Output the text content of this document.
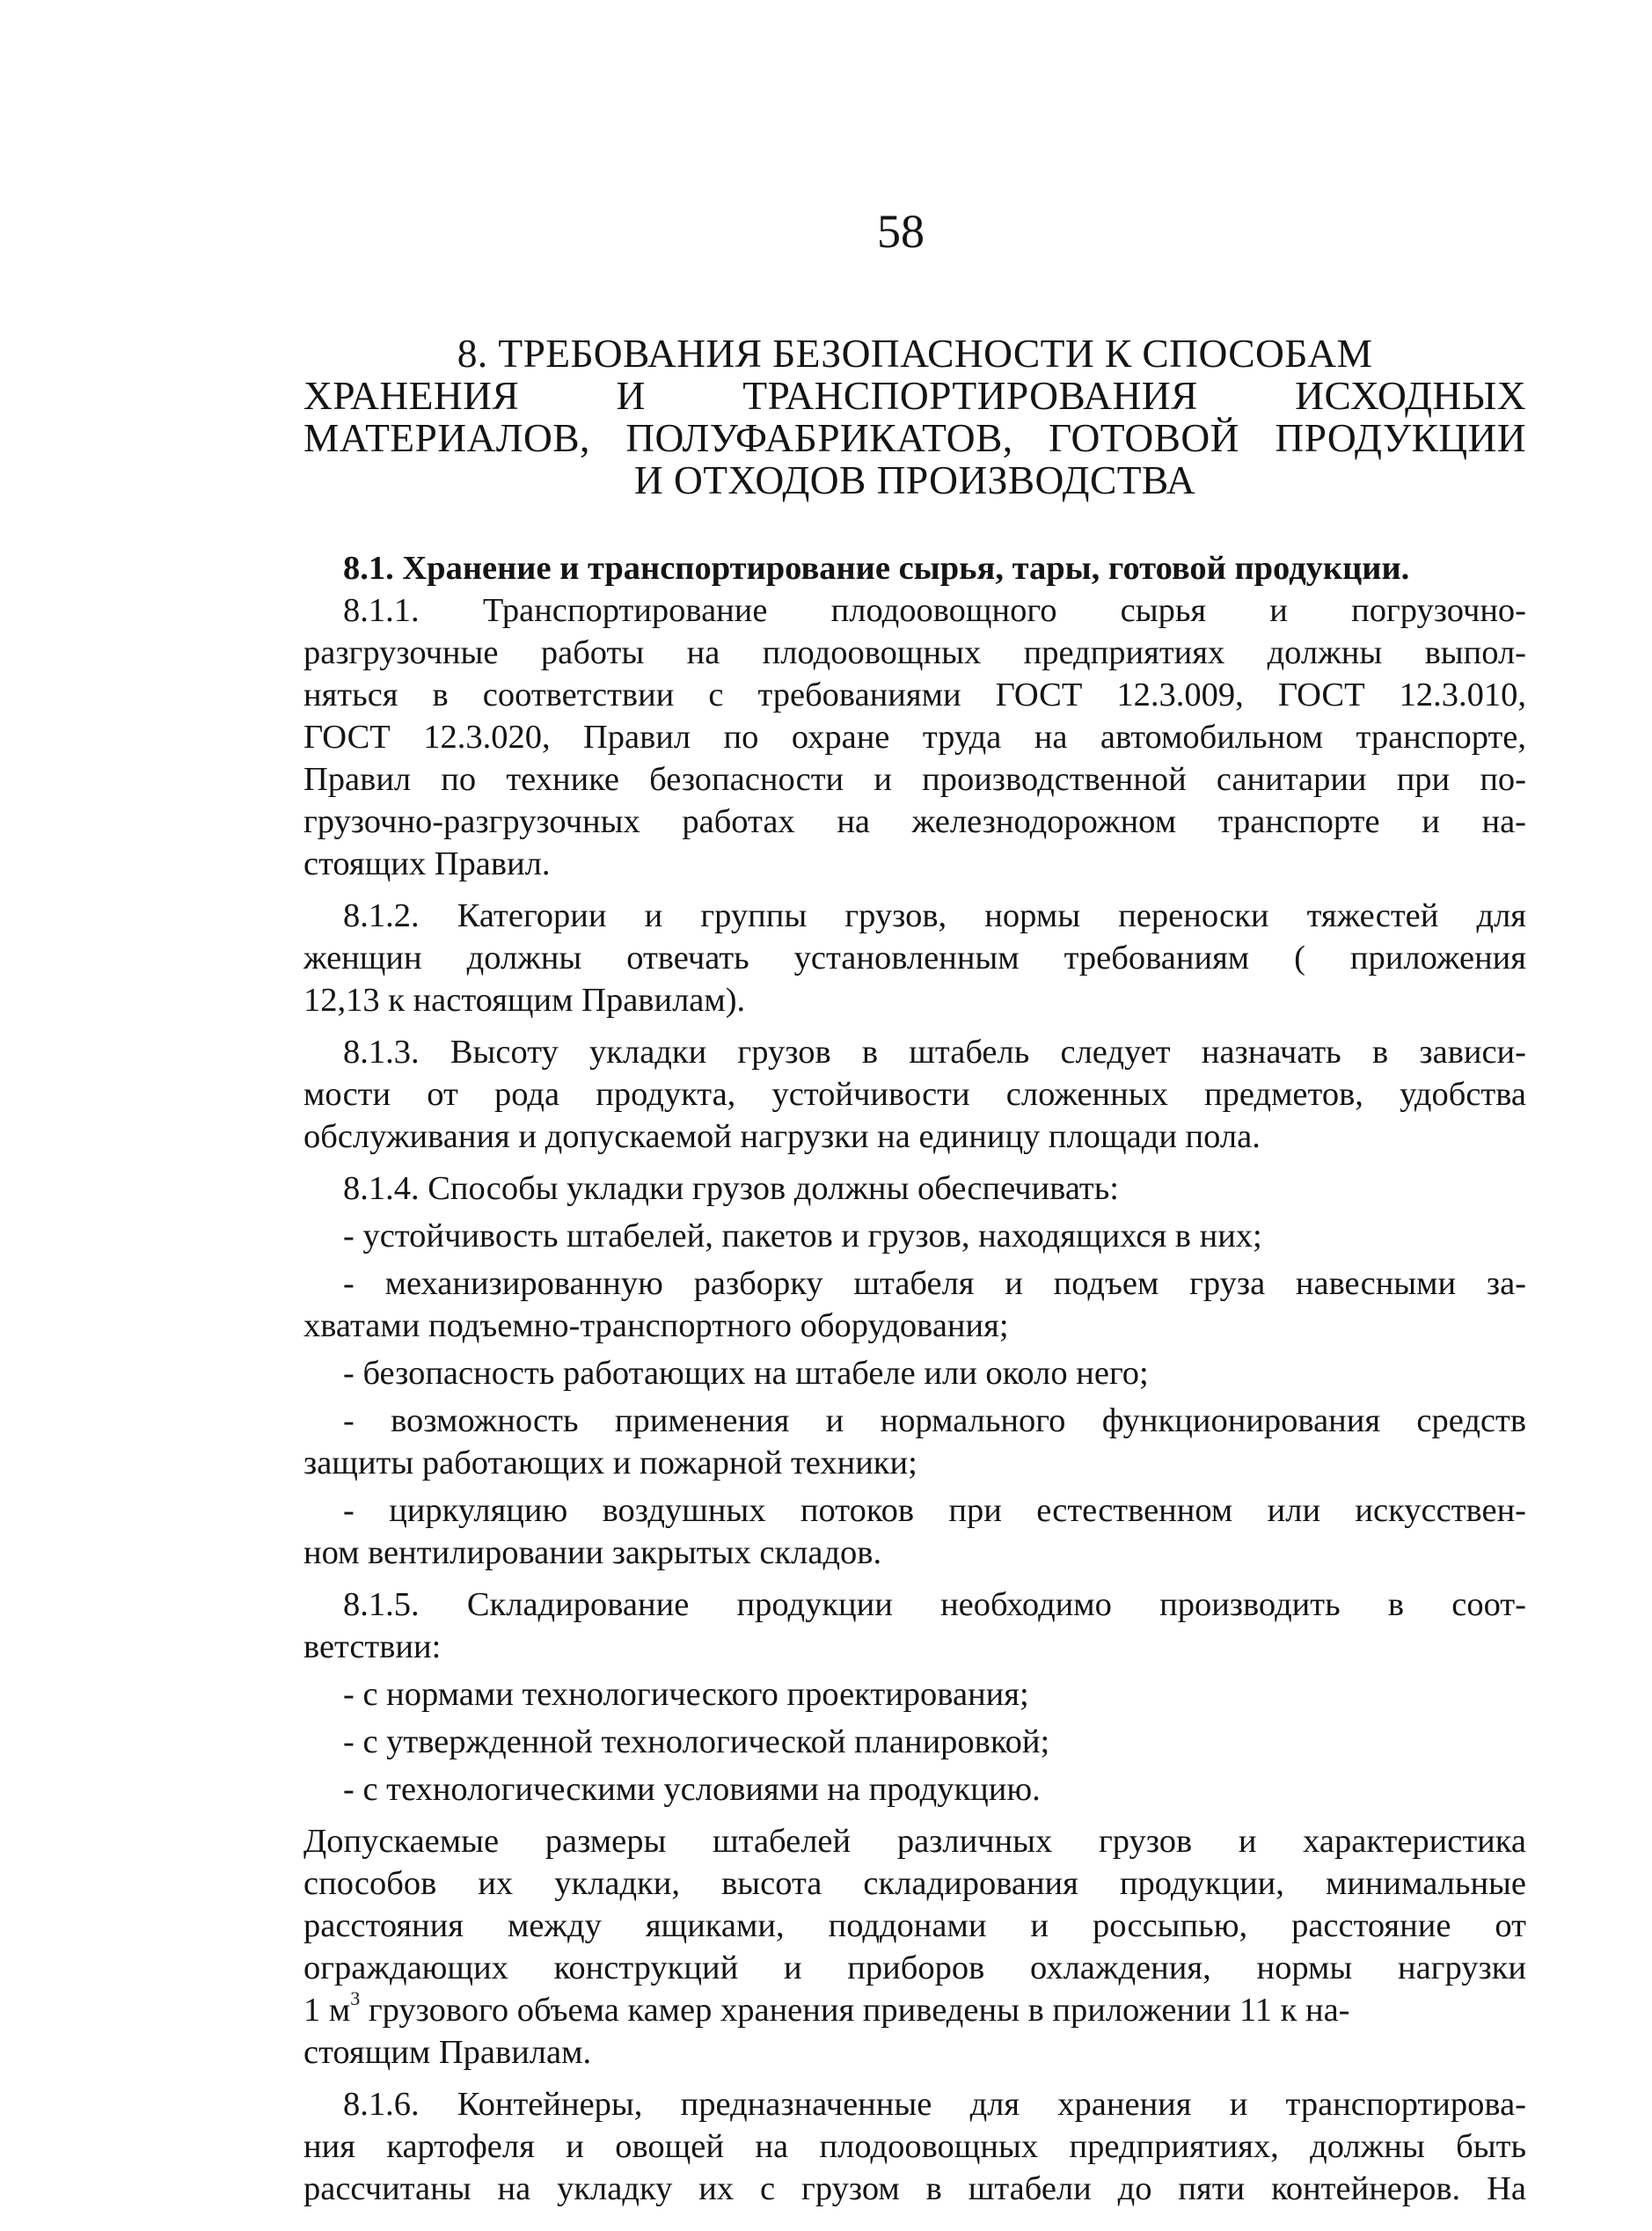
58
8. ТРЕБОВАНИЯ БЕЗОПАСНОСТИ К СПОСОБАМ
ХРАНЕНИЯ И ТРАНСПОРТИРОВАНИЯ ИСХОДНЫХ
МАТЕРИАЛОВ, ПОЛУФАБРИКАТОВ, ГОТОВОЙ ПРОДУКЦИИ
И ОТХОДОВ ПРОИЗВОДСТВА
8.1. Хранение и транспортирование сырья, тары, готовой продукции.
8.1.1. Транспортирование плодоовощного сырья и погрузочно-
разгрузочные работы на плодоовощных предприятиях должны выпол-
няться в соответствии с требованиями ГОСТ 12.3.009, ГОСТ 12.3.010,
ГОСТ 12.3.020, Правил по охране труда на автомобильном транспорте,
Правил по технике безопасности и производственной санитарии при по-
грузочно-разгрузочных работах на железнодорожном транспорте и на-
стоящих Правил.
8.1.2. Категории и группы грузов, нормы переноски тяжестей для
женщин должны отвечать установленным требованиям ( приложения
12,13 к настоящим Правилам).
8.1.3. Высоту укладки грузов в штабель следует назначать в зависи-
мости от рода продукта, устойчивости сложенных предметов, удобства
обслуживания и допускаемой нагрузки на единицу площади пола.
8.1.4. Способы укладки грузов должны обеспечивать:
- устойчивость штабелей, пакетов и грузов, находящихся в них;
- механизированную разборку штабеля и подъем груза навесными за-
хватами подъемно-транспортного оборудования;
- безопасность работающих на штабеле или около него;
- возможность применения и нормального функционирования средств
защиты работающих и пожарной техники;
- циркуляцию воздушных потоков при естественном или искусствен-
ном вентилировании закрытых складов.
8.1.5. Складирование продукции необходимо производить в соот-
ветствии:
- с нормами технологического проектирования;
- с утвержденной технологической планировкой;
- с технологическими условиями на продукцию.
Допускаемые размеры штабелей различных грузов и характеристика
способов их укладки, высота складирования продукции, минимальные
расстояния между ящиками, поддонами и россыпью, расстояние от
ограждающих конструкций и приборов охлаждения, нормы нагрузки
1 $м^3$ грузового объема камер хранения приведены в приложении 11 к на-
стоящим Правилам.
8.1.6. Контейнеры, предназначенные для хранения и транспортирова-
ния картофеля и овощей на плодоовощных предприятиях, должны быть
рассчитаны на укладку их с грузом в штабели до пяти контейнеров. На
